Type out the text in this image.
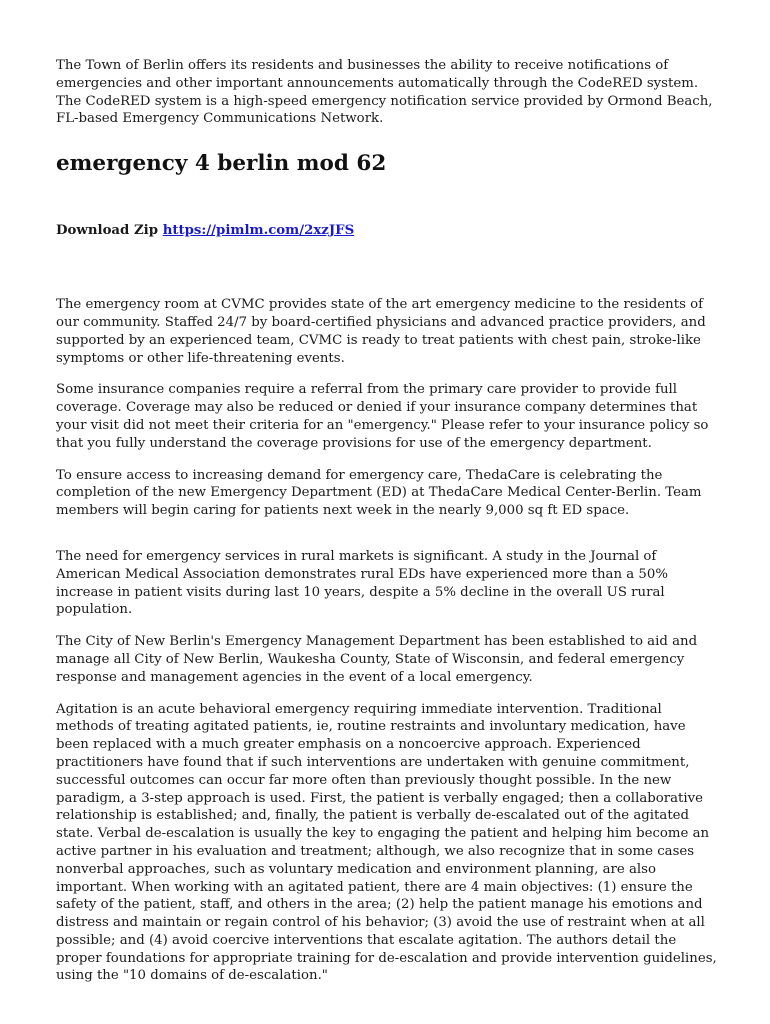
The Town of Berlin offers its residents and businesses the ability to receive notifications of emergencies and other important announcements automatically through the CodeRED system. The CodeRED system is a high-speed emergency notification service provided by Ormond Beach, FL-based Emergency Communications Network.

emergency 4 berlin mod 62
Download Zip https://pimlm.com/2xzJFS

The emergency room at CVMC provides state of the art emergency medicine to the residents of our community. Staffed 24/7 by board-certified physicians and advanced practice providers, and supported by an experienced team, CVMC is ready to treat patients with chest pain, stroke-like symptoms or other life-threatening events.

Some insurance companies require a referral from the primary care provider to provide full coverage. Coverage may also be reduced or denied if your insurance company determines that your visit did not meet their criteria for an "emergency." Please refer to your insurance policy so that you fully understand the coverage provisions for use of the emergency department.

To ensure access to increasing demand for emergency care, ThedaCare is celebrating the completion of the new Emergency Department (ED) at ThedaCare Medical Center-Berlin. Team members will begin caring for patients next week in the nearly 9,000 sq ft ED space.

The need for emergency services in rural markets is significant. A study in the Journal of American Medical Association demonstrates rural EDs have experienced more than a 50% increase in patient visits during last 10 years, despite a 5% decline in the overall US rural population.

The City of New Berlin's Emergency Management Department has been established to aid and manage all City of New Berlin, Waukesha County, State of Wisconsin, and federal emergency response and management agencies in the event of a local emergency.

Agitation is an acute behavioral emergency requiring immediate intervention. Traditional methods of treating agitated patients, ie, routine restraints and involuntary medication, have been replaced with a much greater emphasis on a noncoercive approach. Experienced practitioners have found that if such interventions are undertaken with genuine commitment, successful outcomes can occur far more often than previously thought possible. In the new paradigm, a 3-step approach is used. First, the patient is verbally engaged; then a collaborative relationship is established; and, finally, the patient is verbally de-escalated out of the agitated state. Verbal de-escalation is usually the key to engaging the patient and helping him become an active partner in his evaluation and treatment; although, we also recognize that in some cases nonverbal approaches, such as voluntary medication and environment planning, are also important. When working with an agitated patient, there are 4 main objectives: (1) ensure the safety of the patient, staff, and others in the area; (2) help the patient manage his emotions and distress and maintain or regain control of his behavior; (3) avoid the use of restraint when at all possible; and (4) avoid coercive interventions that escalate agitation. The authors detail the proper foundations for appropriate training for de-escalation and provide intervention guidelines, using the "10 domains of de-escalation."
